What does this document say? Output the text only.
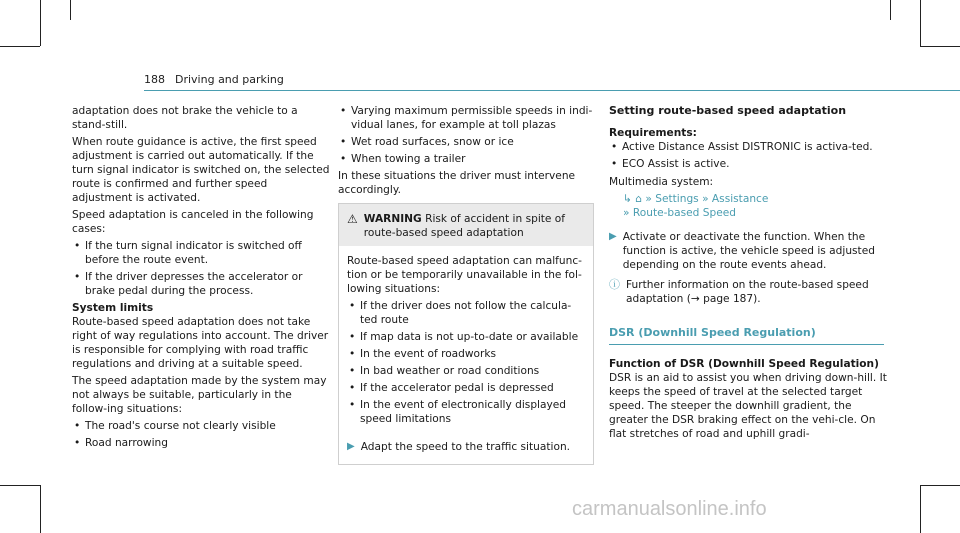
188 Driving and parking

adaptation does not brake the vehicle to a stand-still.

When route guidance is active, the first speed adjustment is carried out automatically. If the turn signal indicator is switched on, the selected route is confirmed and further speed adjustment is activated.

Speed adaptation is canceled in the following cases:

• If the turn signal indicator is switched off before the route event.
• If the driver depresses the accelerator or brake pedal during the process.

System limits

Route-based speed adaptation does not take right of way regulations into account. The driver is responsible for complying with road traffic regulations and driving at a suitable speed.

The speed adaptation made by the system may not always be suitable, particularly in the follow-ing situations:

• The road's course not clearly visible
• Road narrowing
• Varying maximum permissible speeds in indi-vidual lanes, for example at toll plazas
• Wet road surfaces, snow or ice
• When towing a trailer

In these situations the driver must intervene accordingly.

⚠ WARNING Risk of accident in spite of route-based speed adaptation

Route-based speed adaptation can malfunc-tion or be temporarily unavailable in the fol-lowing situations:

• If the driver does not follow the calcula-ted route
• If map data is not up-to-date or available
• In the event of roadworks
• In bad weather or road conditions
• If the accelerator pedal is depressed
• In the event of electronically displayed speed limitations
▶ Adapt the speed to the traffic situation.

Setting route-based speed adaptation

Requirements:

• Active Distance Assist DISTRONIC is activa-ted.
• ECO Assist is active.

Multimedia system:

↳ ⌂ » Settings » Assistance
» Route-based Speed
▶ Activate or deactivate the function. When the function is active, the vehicle speed is adjusted depending on the route events ahead.
ⓘ Further information on the route-based speed adaptation (→ page 187).
DSR (Downhill Speed Regulation)

Function of DSR (Downhill Speed Regulation)

DSR is an aid to assist you when driving down-hill. It keeps the speed of travel at the selected target speed. The steeper the downhill gradient, the greater the DSR braking effect on the vehi-cle. On flat stretches of road and uphill gradi-

carmanualsonline.info
